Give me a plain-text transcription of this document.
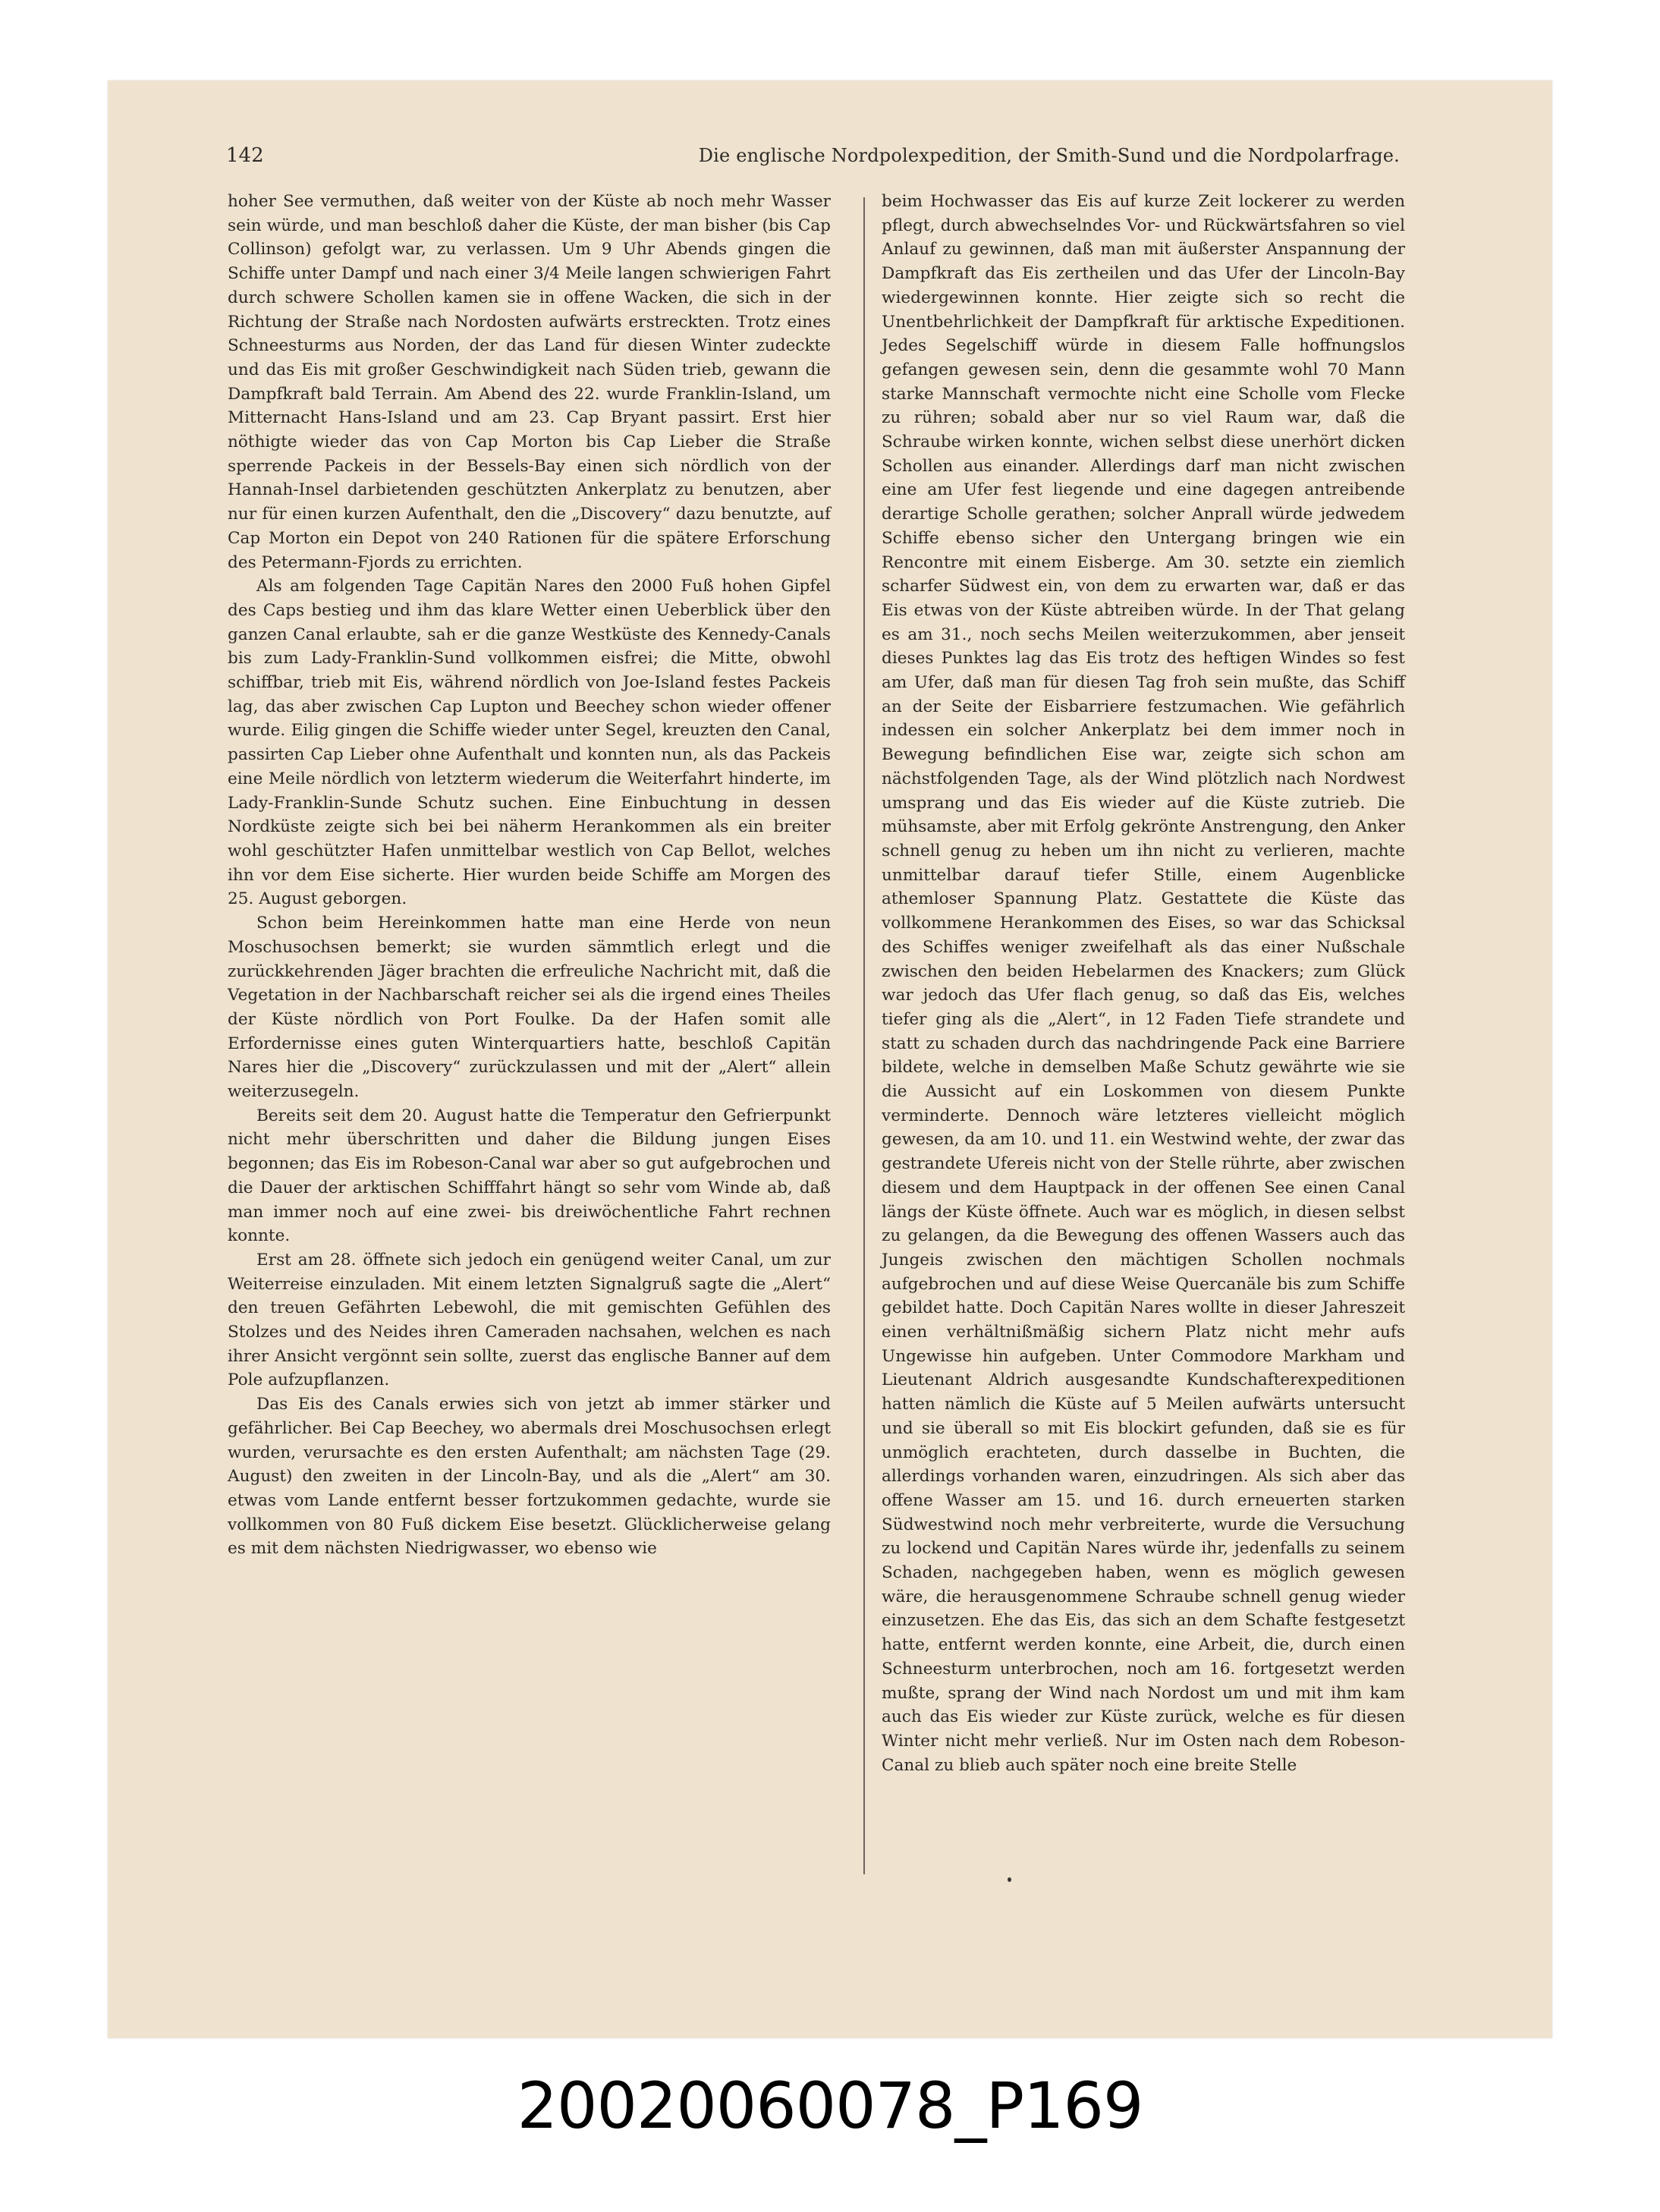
142	Die englische Nordpolexpedition, der Smith-Sund und die Nordpolarfrage.

hoher See vermuthen, daß weiter von der Küste ab noch mehr Wasser sein würde, und man beschloß daher die Küste, der man bisher (bis Cap Collinson) gefolgt war, zu verlassen. Um 9 Uhr Abends gingen die Schiffe unter Dampf und nach einer 3/4 Meile langen schwierigen Fahrt durch schwere Schollen kamen sie in offene Wacken, die sich in der Richtung der Straße nach Nordosten aufwärts erstreckten. Trotz eines Schneesturms aus Norden, der das Land für diesen Winter zudeckte und das Eis mit großer Geschwindigkeit nach Süden trieb, gewann die Dampfkraft bald Terrain. Am Abend des 22. wurde Franklin-Island, um Mitternacht Hans-Island und am 23. Cap Bryant passirt. Erst hier nöthigte wieder das von Cap Morton bis Cap Lieber die Straße sperrende Packeis in der Bessels-Bay einen sich nördlich von der Hannah-Insel darbietenden geschützten Ankerplatz zu benutzen, aber nur für einen kurzen Aufenthalt, den die „Discovery“ dazu benutzte, auf Cap Morton ein Depot von 240 Rationen für die spätere Erforschung des Petermann-Fjords zu errichten.

Als am folgenden Tage Capitän Nares den 2000 Fuß hohen Gipfel des Caps bestieg und ihm das klare Wetter einen Ueberblick über den ganzen Canal erlaubte, sah er die ganze Westküste des Kennedy-Canals bis zum Lady-Franklin-Sund vollkommen eisfrei; die Mitte, obwohl schiffbar, trieb mit Eis, während nördlich von Joe-Island festes Packeis lag, das aber zwischen Cap Lupton und Beechey schon wieder offener wurde. Eilig gingen die Schiffe wieder unter Segel, kreuzten den Canal, passirten Cap Lieber ohne Aufenthalt und konnten nun, als das Packeis eine Meile nördlich von letzterm wiederum die Weiterfahrt hinderte, im Lady-Franklin-Sunde Schutz suchen. Eine Einbuchtung in dessen Nordküste zeigte sich bei bei näherm Herankommen als ein breiter wohl geschützter Hafen unmittelbar westlich von Cap Bellot, welches ihn vor dem Eise sicherte. Hier wurden beide Schiffe am Morgen des 25. August geborgen.

Schon beim Hereinkommen hatte man eine Herde von neun Moschusochsen bemerkt; sie wurden sämmtlich erlegt und die zurückkehrenden Jäger brachten die erfreuliche Nachricht mit, daß die Vegetation in der Nachbarschaft reicher sei als die irgend eines Theiles der Küste nördlich von Port Foulke. Da der Hafen somit alle Erfordernisse eines guten Winterquartiers hatte, beschloß Capitän Nares hier die „Discovery“ zurückzulassen und mit der „Alert“ allein weiterzusegeln.

Bereits seit dem 20. August hatte die Temperatur den Gefrierpunkt nicht mehr überschritten und daher die Bildung jungen Eises begonnen; das Eis im Robeson-Canal war aber so gut aufgebrochen und die Dauer der arktischen Schifffahrt hängt so sehr vom Winde ab, daß man immer noch auf eine zwei- bis dreiwöchentliche Fahrt rechnen konnte.

Erst am 28. öffnete sich jedoch ein genügend weiter Canal, um zur Weiterreise einzuladen. Mit einem letzten Signalgruß sagte die „Alert“ den treuen Gefährten Lebewohl, die mit gemischten Gefühlen des Stolzes und des Neides ihren Cameraden nachsahen, welchen es nach ihrer Ansicht vergönnt sein sollte, zuerst das englische Banner auf dem Pole aufzupflanzen.

Das Eis des Canals erwies sich von jetzt ab immer stärker und gefährlicher. Bei Cap Beechey, wo abermals drei Moschusochsen erlegt wurden, verursachte es den ersten Aufenthalt; am nächsten Tage (29. August) den zweiten in der Lincoln-Bay, und als die „Alert“ am 30. etwas vom Lande entfernt besser fortzukommen gedachte, wurde sie vollkommen von 80 Fuß dickem Eise besetzt. Glücklicherweise gelang es mit dem nächsten Niedrigwasser, wo ebenso wie

beim Hochwasser das Eis auf kurze Zeit lockerer zu werden pflegt, durch abwechselndes Vor- und Rückwärtsfahren so viel Anlauf zu gewinnen, daß man mit äußerster Anspannung der Dampfkraft das Eis zertheilen und das Ufer der Lincoln-Bay wiedergewinnen konnte. Hier zeigte sich so recht die Unentbehrlichkeit der Dampfkraft für arktische Expeditionen. Jedes Segelschiff würde in diesem Falle hoffnungslos gefangen gewesen sein, denn die gesammte wohl 70 Mann starke Mannschaft vermochte nicht eine Scholle vom Flecke zu rühren; sobald aber nur so viel Raum war, daß die Schraube wirken konnte, wichen selbst diese unerhört dicken Schollen aus einander. Allerdings darf man nicht zwischen eine am Ufer fest liegende und eine dagegen antreibende derartige Scholle gerathen; solcher Anprall würde jedwedem Schiffe ebenso sicher den Untergang bringen wie ein Rencontre mit einem Eisberge. Am 30. setzte ein ziemlich scharfer Südwest ein, von dem zu erwarten war, daß er das Eis etwas von der Küste abtreiben würde. In der That gelang es am 31., noch sechs Meilen weiterzukommen, aber jenseit dieses Punktes lag das Eis trotz des heftigen Windes so fest am Ufer, daß man für diesen Tag froh sein mußte, das Schiff an der Seite der Eisbarriere festzumachen. Wie gefährlich indessen ein solcher Ankerplatz bei dem immer noch in Bewegung befindlichen Eise war, zeigte sich schon am nächstfolgenden Tage, als der Wind plötzlich nach Nordwest umsprang und das Eis wieder auf die Küste zutrieb. Die mühsamste, aber mit Erfolg gekrönte Anstrengung, den Anker schnell genug zu heben um ihn nicht zu verlieren, machte unmittelbar darauf tiefer Stille, einem Augenblicke athemloser Spannung Platz. Gestattete die Küste das vollkommene Herankommen des Eises, so war das Schicksal des Schiffes weniger zweifelhaft als das einer Nußschale zwischen den beiden Hebelarmen des Knackers; zum Glück war jedoch das Ufer flach genug, so daß das Eis, welches tiefer ging als die „Alert“, in 12 Faden Tiefe strandete und statt zu schaden durch das nachdringende Pack eine Barriere bildete, welche in demselben Maße Schutz gewährte wie sie die Aussicht auf ein Loskommen von diesem Punkte verminderte. Dennoch wäre letzteres vielleicht möglich gewesen, da am 10. und 11. ein Westwind wehte, der zwar das gestrandete Ufereis nicht von der Stelle rührte, aber zwischen diesem und dem Hauptpack in der offenen See einen Canal längs der Küste öffnete. Auch war es möglich, in diesen selbst zu gelangen, da die Bewegung des offenen Wassers auch das Jungeis zwischen den mächtigen Schollen nochmals aufgebrochen und auf diese Weise Quercanäle bis zum Schiffe gebildet hatte. Doch Capitän Nares wollte in dieser Jahreszeit einen verhältnißmäßig sichern Platz nicht mehr aufs Ungewisse hin aufgeben. Unter Commodore Markham und Lieutenant Aldrich ausgesandte Kundschafterexpeditionen hatten nämlich die Küste auf 5 Meilen aufwärts untersucht und sie überall so mit Eis blockirt gefunden, daß sie es für unmöglich erachteten, durch dasselbe in Buchten, die allerdings vorhanden waren, einzudringen. Als sich aber das offene Wasser am 15. und 16. durch erneuerten starken Südwestwind noch mehr verbreiterte, wurde die Versuchung zu lockend und Capitän Nares würde ihr, jedenfalls zu seinem Schaden, nachgegeben haben, wenn es möglich gewesen wäre, die herausgenommene Schraube schnell genug wieder einzusetzen. Ehe das Eis, das sich an dem Schafte festgesetzt hatte, entfernt werden konnte, eine Arbeit, die, durch einen Schneesturm unterbrochen, noch am 16. fortgesetzt werden mußte, sprang der Wind nach Nordost um und mit ihm kam auch das Eis wieder zur Küste zurück, welche es für diesen Winter nicht mehr verließ. Nur im Osten nach dem Robeson-Canal zu blieb auch später noch eine breite Stelle

20020060078_P169
